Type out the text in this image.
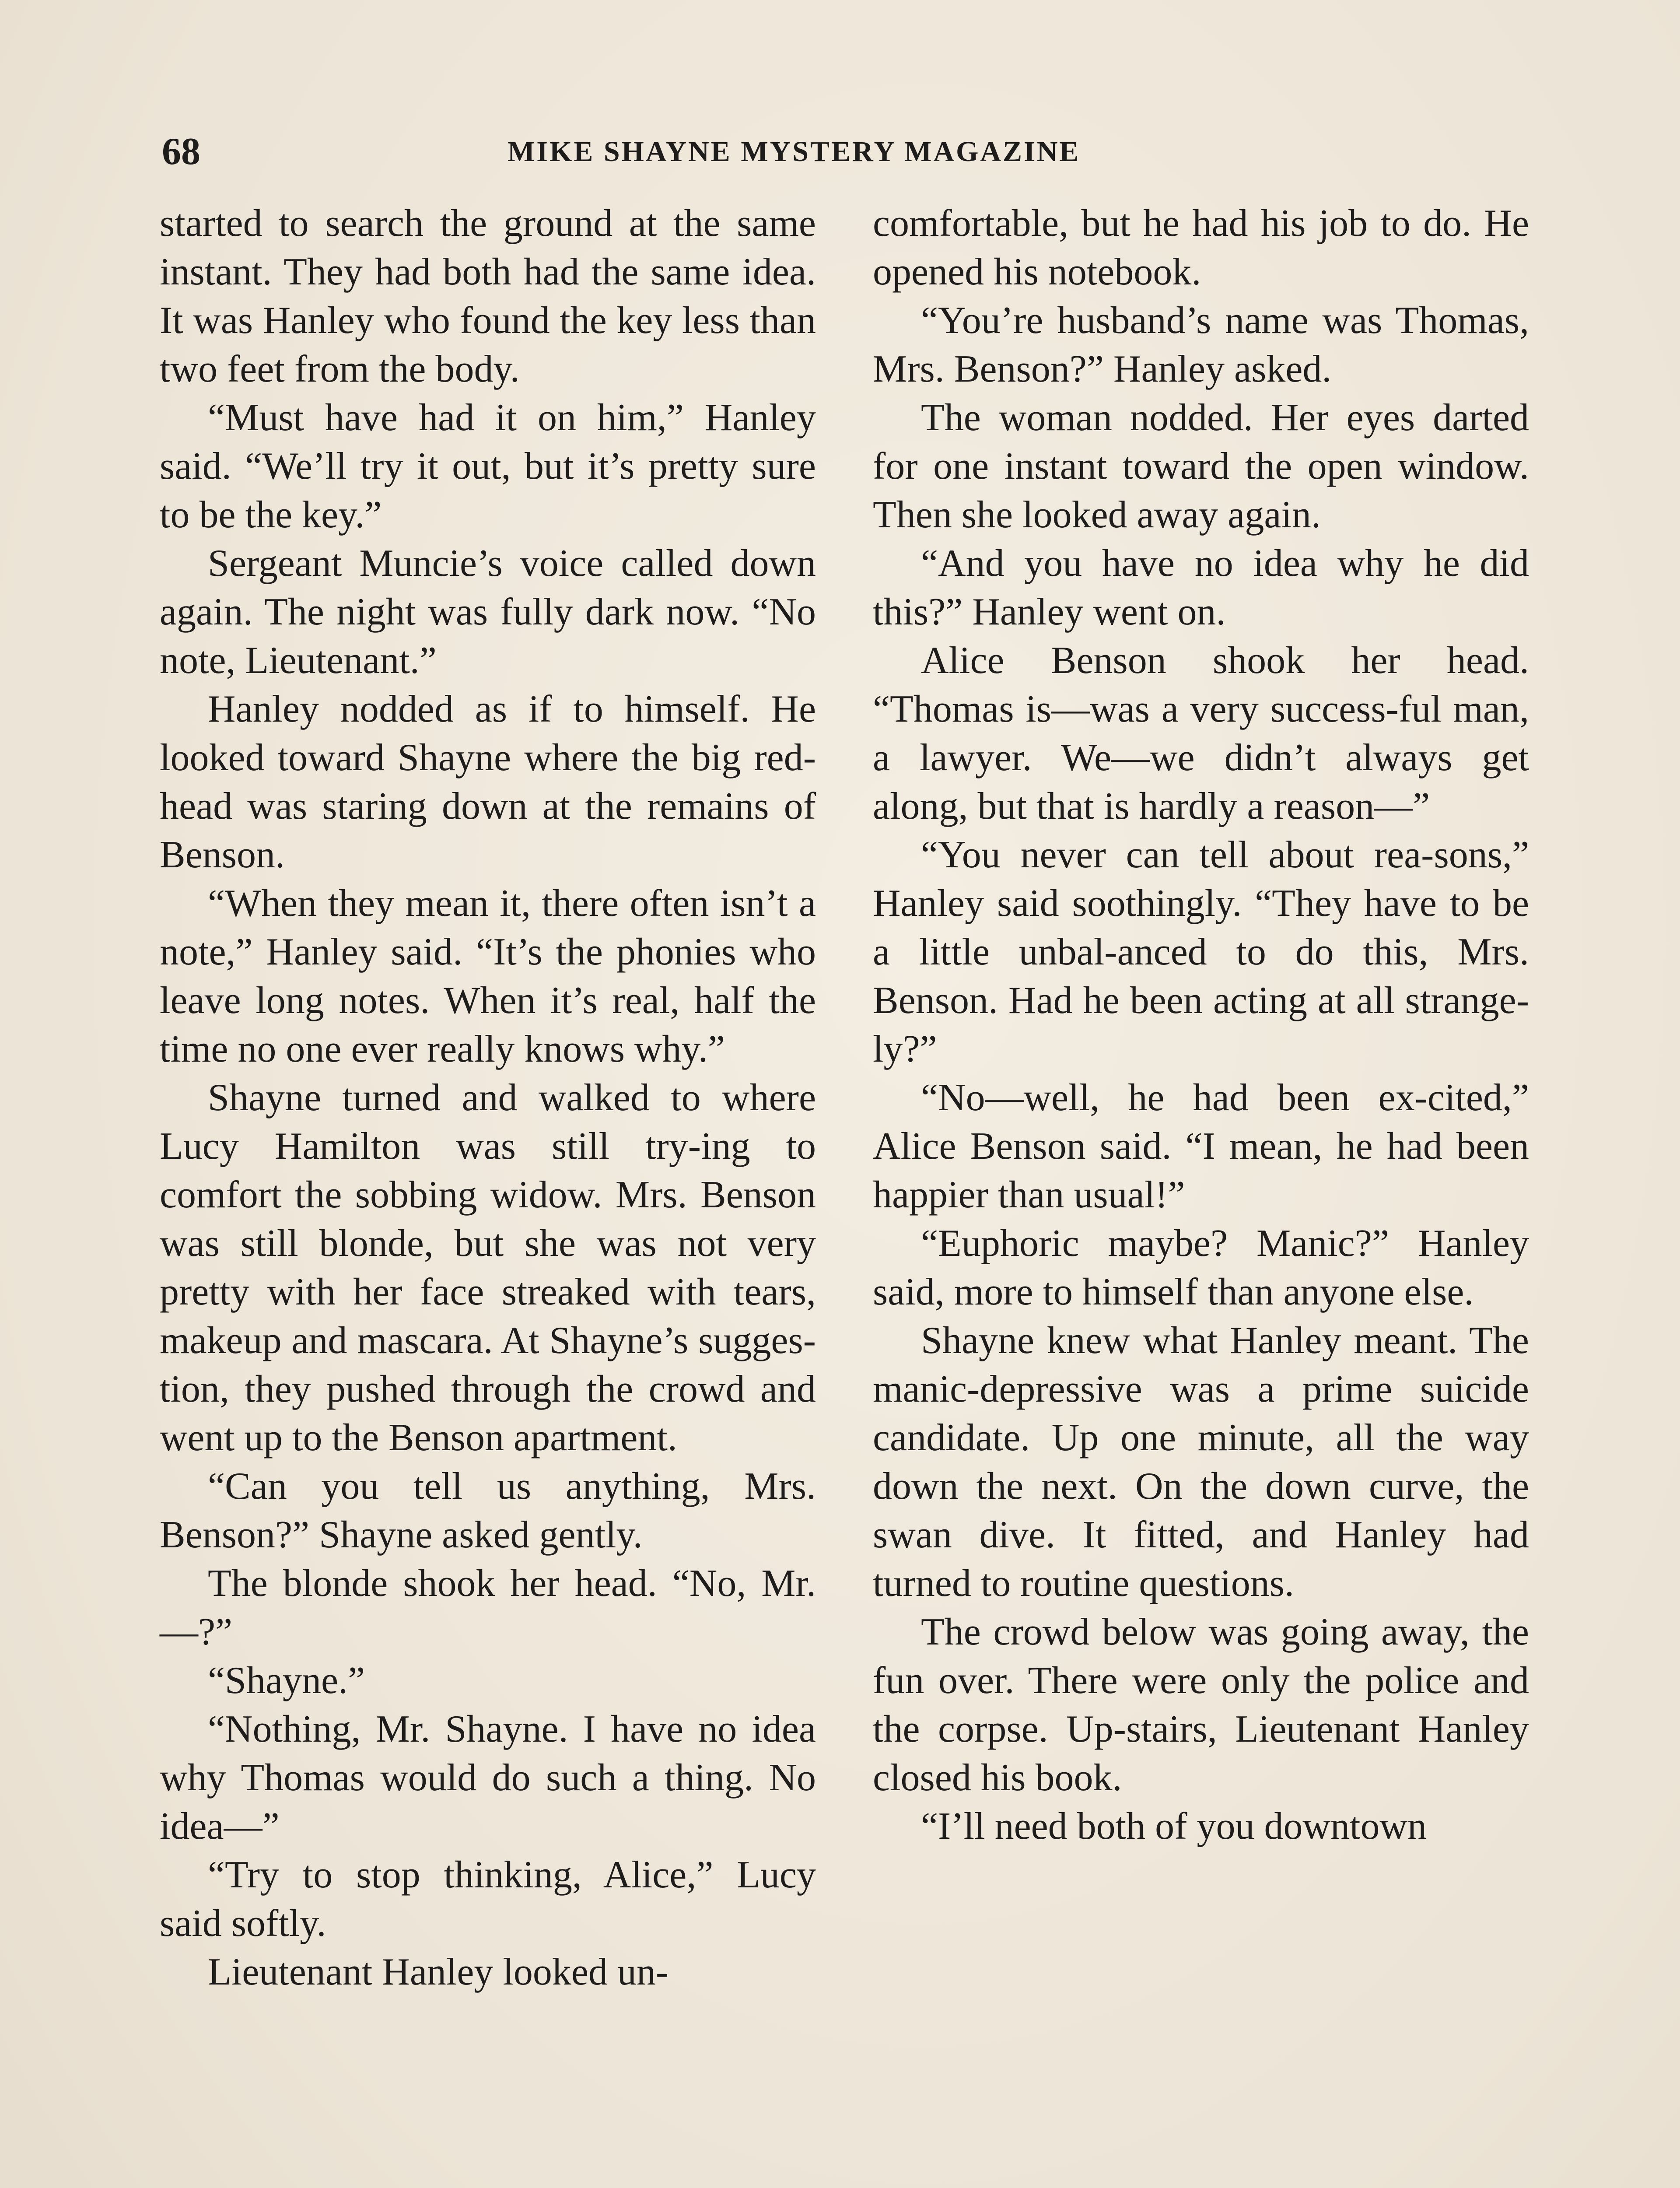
68	MIKE SHAYNE MYSTERY MAGAZINE

started to search the ground at the same instant. They had both had the same idea. It was Hanley who found the key less than two feet from the body.

“Must have had it on him,” Hanley said. “We’ll try it out, but it’s pretty sure to be the key.”

Sergeant Muncie’s voice called down again. The night was fully dark now. “No note, Lieutenant.”

Hanley nodded as if to himself. He looked toward Shayne where the big red-head was staring down at the remains of Benson.

“When they mean it, there often isn’t a note,” Hanley said. “It’s the phonies who leave long notes. When it’s real, half the time no one ever really knows why.”

Shayne turned and walked to where Lucy Hamilton was still try-ing to comfort the sobbing widow. Mrs. Benson was still blonde, but she was not very pretty with her face streaked with tears, makeup and mascara. At Shayne’s sugges-tion, they pushed through the crowd and went up to the Benson apartment.

“Can you tell us anything, Mrs. Benson?” Shayne asked gently.

The blonde shook her head. “No, Mr.—?”

“Shayne.”

“Nothing, Mr. Shayne. I have no idea why Thomas would do such a thing. No idea—”

“Try to stop thinking, Alice,” Lucy said softly.

Lieutenant Hanley looked un-

comfortable, but he had his job to do. He opened his notebook.

“You’re husband’s name was Thomas, Mrs. Benson?” Hanley asked.

The woman nodded. Her eyes darted for one instant toward the open window. Then she looked away again.

“And you have no idea why he did this?” Hanley went on.

Alice Benson shook her head. “Thomas is—was a very success-ful man, a lawyer. We—we didn’t always get along, but that is hardly a reason—”

“You never can tell about rea-sons,” Hanley said soothingly. “They have to be a little unbal-anced to do this, Mrs. Benson. Had he been acting at all strange-ly?”

“No—well, he had been ex-cited,” Alice Benson said. “I mean, he had been happier than usual!”

“Euphoric maybe? Manic?” Hanley said, more to himself than anyone else.

Shayne knew what Hanley meant. The manic-depressive was a prime suicide candidate. Up one minute, all the way down the next. On the down curve, the swan dive. It fitted, and Hanley had turned to routine questions.

The crowd below was going away, the fun over. There were only the police and the corpse. Up-stairs, Lieutenant Hanley closed his book.

“I’ll need both of you downtown
